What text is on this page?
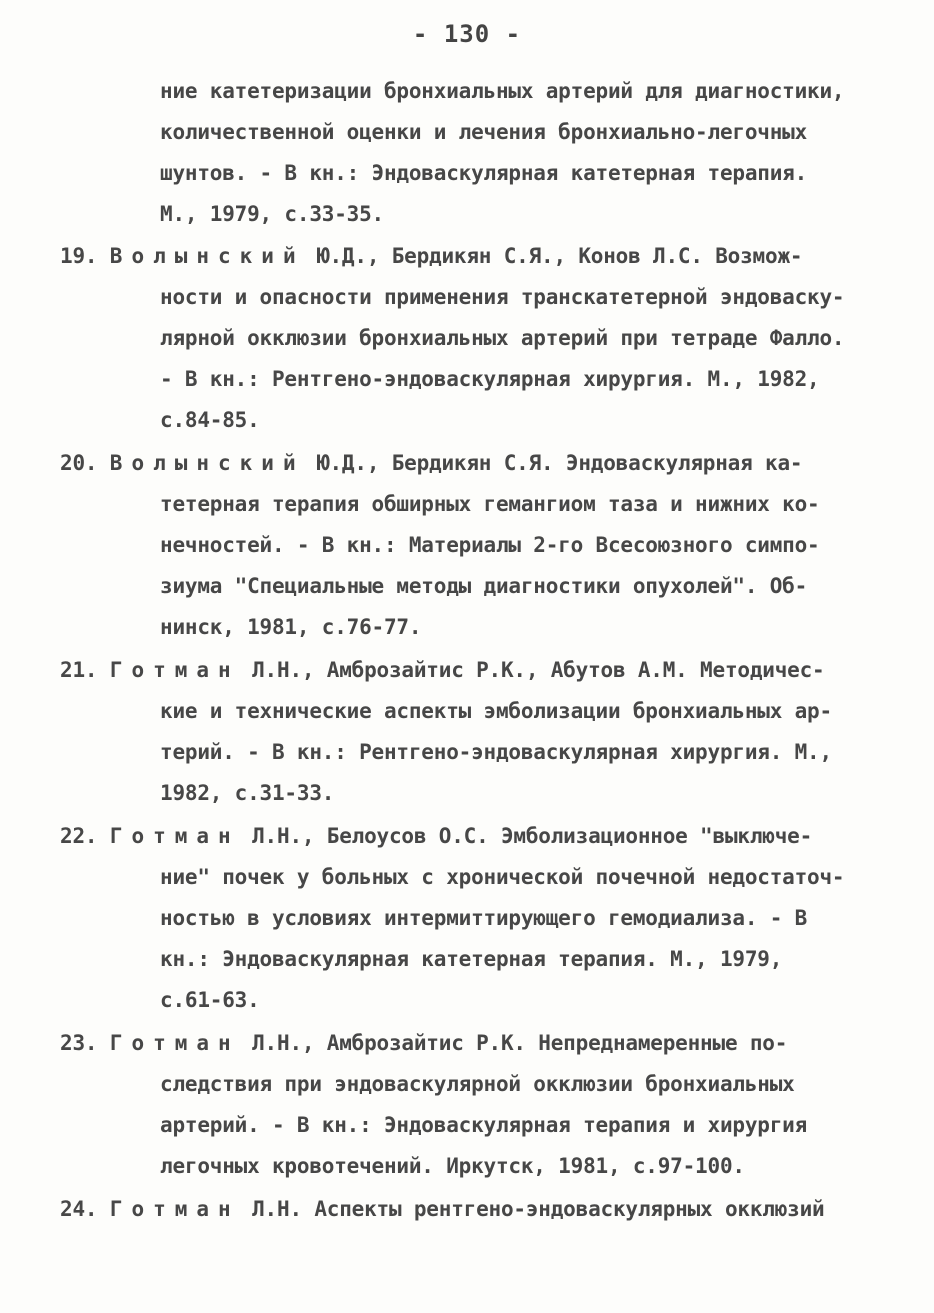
- 130 -
ние катетеризации бронхиальных артерий для диагностики,
количественной оценки и лечения бронхиально-легочных
шунтов. - В кн.: Эндоваскулярная катетерная терапия.
М., 1979, с.33-35.
19. Волынский Ю.Д., Бердикян С.Я., Конов Л.С. Возмож-
ности и опасности применения транскатетерной эндоваску-
лярной окклюзии бронхиальных артерий при тетраде Фалло.
- В кн.: Рентгено-эндоваскулярная хирургия. М., 1982,
с.84-85.
20. Волынский Ю.Д., Бердикян С.Я. Эндоваскулярная ка-
тетерная терапия обширных гемангиом таза и нижних ко-
нечностей. - В кн.: Материалы 2-го Всесоюзного симпо-
зиума "Специальные методы диагностики опухолей". Об-
нинск, 1981, с.76-77.
21. Готман Л.Н., Амброзайтис Р.К., Абутов А.М. Методичес-
кие и технические аспекты эмболизации бронхиальных ар-
терий. - В кн.: Рентгено-эндоваскулярная хирургия. М.,
1982, с.31-33.
22. Готман Л.Н., Белоусов О.С. Эмболизационное "выключе-
ние" почек у больных с хронической почечной недостаточ-
ностью в условиях интермиттирующего гемодиализа. - В
кн.: Эндоваскулярная катетерная терапия. М., 1979,
с.61-63.
23. Готман Л.Н., Амброзайтис Р.К. Непреднамеренные по-
следствия при эндоваскулярной окклюзии бронхиальных
артерий. - В кн.: Эндоваскулярная терапия и хирургия
легочных кровотечений. Иркутск, 1981, с.97-100.
24. Готман Л.Н. Аспекты рентгено-эндоваскулярных окклюзий
